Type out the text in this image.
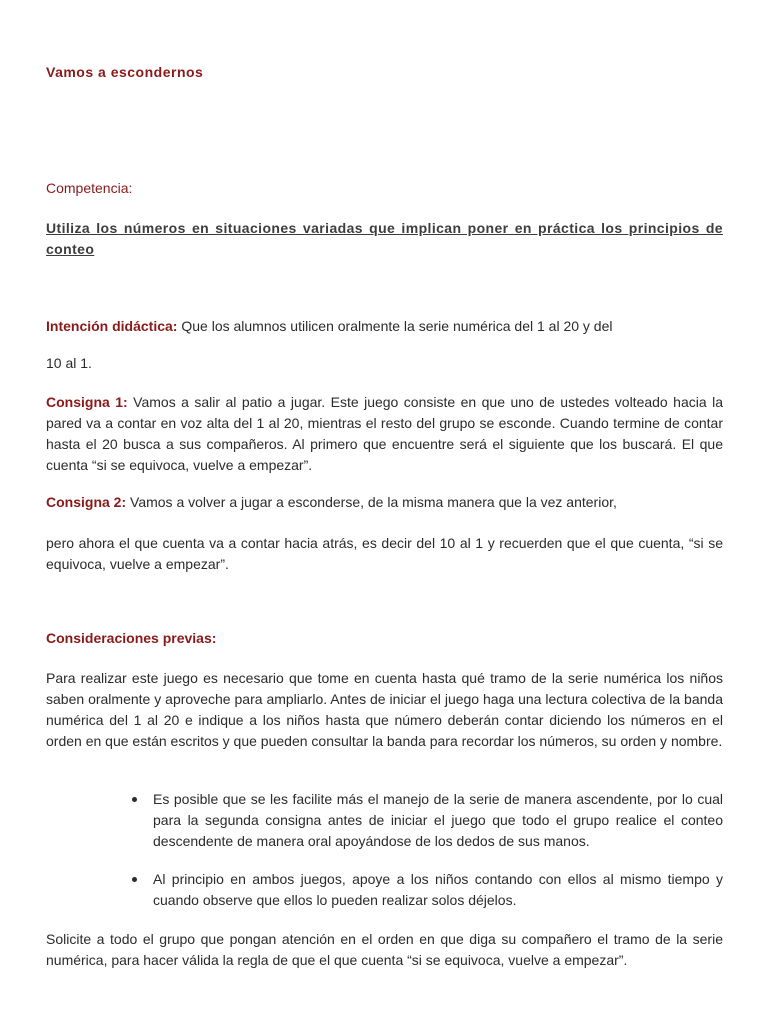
Vamos a escondernos
Competencia:
Utiliza los números en situaciones variadas que implican poner en práctica los principios de conteo
Intención didáctica: Que los alumnos utilicen oralmente la serie numérica del 1 al 20 y del
10 al 1.
Consigna 1: Vamos a salir al patio a jugar. Este juego consiste en que uno de ustedes volteado hacia la pared va a contar en voz alta del 1 al 20, mientras el resto del grupo se esconde. Cuando termine de contar hasta el 20 busca a sus compañeros. Al primero que encuentre será el siguiente que los buscará. El que cuenta “si se equivoca, vuelve a empezar”.
Consigna 2: Vamos a volver a jugar a esconderse, de la misma manera que la vez anterior,
pero ahora el que cuenta va a contar hacia atrás, es decir del 10 al 1 y recuerden que el que cuenta, “si se equivoca, vuelve a empezar”.
Consideraciones previas:
Para realizar este juego es necesario que tome en cuenta hasta qué tramo de la serie numérica los niños saben oralmente y aproveche para ampliarlo. Antes de iniciar el juego haga una lectura colectiva de la banda numérica del 1 al 20 e indique a los niños hasta que número deberán contar diciendo los números en el orden en que están escritos y que pueden consultar la banda para recordar los números, su orden y nombre.
Es posible que se les facilite más el manejo de la serie de manera ascendente, por lo cual para la segunda consigna antes de iniciar el juego que todo el grupo realice el conteo descendente de manera oral apoyándose de los dedos de sus manos.
Al principio en ambos juegos, apoye a los niños contando con ellos al mismo tiempo y cuando observe que ellos lo pueden realizar solos déjelos.
Solicite a todo el grupo que pongan atención en el orden en que diga su compañero el tramo de la serie numérica, para hacer válida la regla de que el que cuenta “si se equivoca, vuelve a empezar”.
